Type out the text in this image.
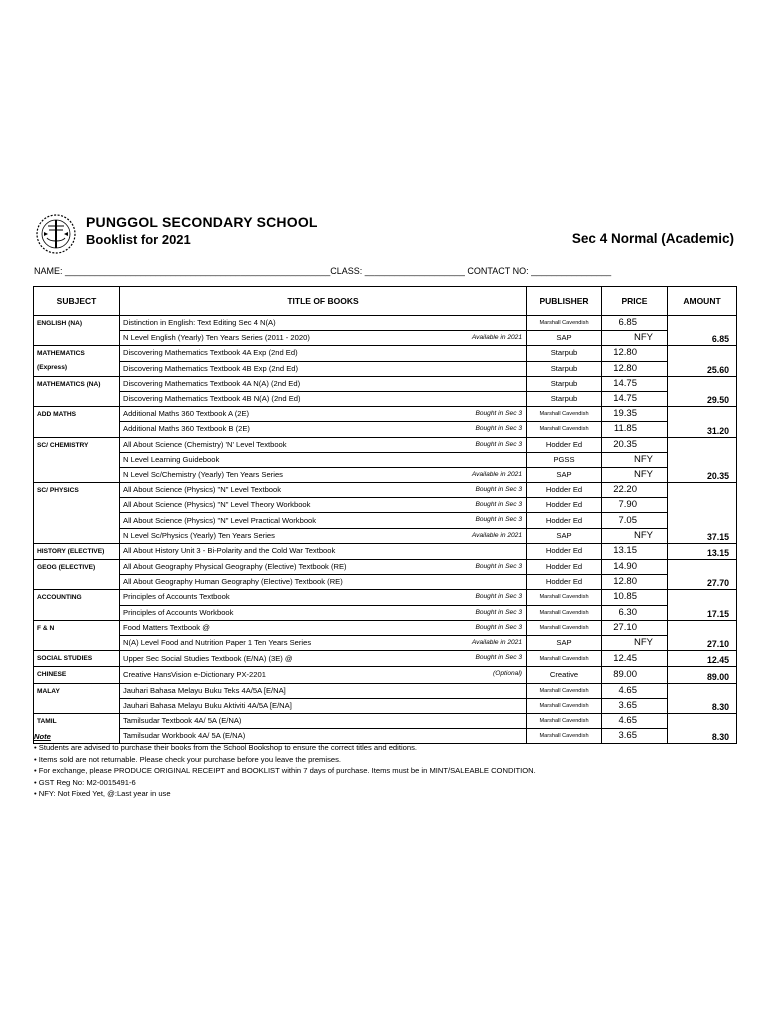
PUNGGOL SECONDARY SCHOOL
Booklist for 2021	Sec 4 Normal (Academic)
NAME: _____________________________________________________CLASS: ____________________ CONTACT NO: ________________
SUBJECT	TITLE OF BOOKS	PUBLISHER	PRICE	AMOUNT

ENGLISH (NA)	Distinction in English: Text Editing Sec 4 N(A)	Marshall Cavendish	6.85	6.85
	N Level English (Yearly) Ten Years Series (2011 - 2020) Available in 2021	SAP	NFY	

MATHEMATICS
(Express)	Discovering Mathematics Textbook 4A Exp (2nd Ed)	Starpub	12.80	25.60
	Discovering Mathematics Textbook 4B Exp (2nd Ed)	Starpub	12.80	

MATHEMATICS (NA)	Discovering Mathematics Textbook 4A N(A) (2nd Ed)	Starpub	14.75	29.50
	Discovering Mathematics Textbook 4B N(A) (2nd Ed)	Starpub	14.75	

ADD MATHS	Additional Maths 360 Textbook A (2E) Bought in Sec 3	Marshall Cavendish	19.35	31.20
	Additional Maths 360 Textbook B (2E) Bought in Sec 3	Marshall Cavendish	11.85	

SC/ CHEMISTRY	All About Science (Chemistry) 'N' Level Textbook Bought in Sec 3	Hodder Ed	20.35	20.35
	N Level Learning Guidebook	PGSS	NFY	
	N Level Sc/Chemistry (Yearly) Ten Years Series Available in 2021	SAP	NFY	

SC/ PHYSICS	All About Science (Physics) "N" Level Textbook Bought in Sec 3	Hodder Ed	22.20	37.15
	All About Science (Physics) "N" Level Theory Workbook Bought in Sec 3	Hodder Ed	7.90	
	All About Science (Physics) "N" Level Practical Workbook Bought in Sec 3	Hodder Ed	7.05	
	N Level Sc/Physics (Yearly) Ten Years Series Available in 2021	SAP	NFY	

HISTORY (ELECTIVE)	All About History Unit 3 - Bi-Polarity and the Cold War Textbook	Hodder Ed	13.15	13.15

GEOG (ELECTIVE)	All About Geography Physical Geography (Elective) Textbook (RE) Bought in Sec 3	Hodder Ed	14.90	27.70
	All About Geography Human Geography (Elective) Textbook (RE)	Hodder Ed	12.80	

ACCOUNTING	Principles of Accounts Textbook Bought in Sec 3	Marshall Cavendish	10.85	17.15
	Principles of Accounts Workbook Bought in Sec 3	Marshall Cavendish	6.30	

F & N	Food Matters Textbook @ Bought in Sec 3	Marshall Cavendish	27.10	27.10
	N(A) Level Food and Nutrition Paper 1 Ten Years Series Available in 2021	SAP	NFY	

SOCIAL STUDIES	Upper Sec Social Studies Textbook (E/NA) (3E) @ Bought in Sec 3	Marshall Cavendish	12.45	12.45

CHINESE	Creative HansVision e-Dictionary PX-2201 (Optional)	Creative	89.00	89.00

MALAY	Jauhari Bahasa Melayu Buku Teks 4A/5A [E/NA]	Marshall Cavendish	4.65	8.30
	Jauhari Bahasa Melayu Buku Aktiviti 4A/5A [E/NA]	Marshall Cavendish	3.65	

TAMIL	Tamilsudar Textbook 4A/ 5A (E/NA)	Marshall Cavendish	4.65	8.30
	Tamilsudar Workbook 4A/ 5A (E/NA)	Marshall Cavendish	3.65	
Note
• Students are advised to purchase their books from the School Bookshop to ensure the correct titles and editions.
• Items sold are not returnable. Please check your purchase before you leave the premises.
• For exchange, please PRODUCE ORIGINAL RECEIPT and BOOKLIST within 7 days of purchase. Items must be in MINT/SALEABLE CONDITION.
• GST Reg No: M2-0015491-6
• NFY: Not Fixed Yet, @:Last year in use
